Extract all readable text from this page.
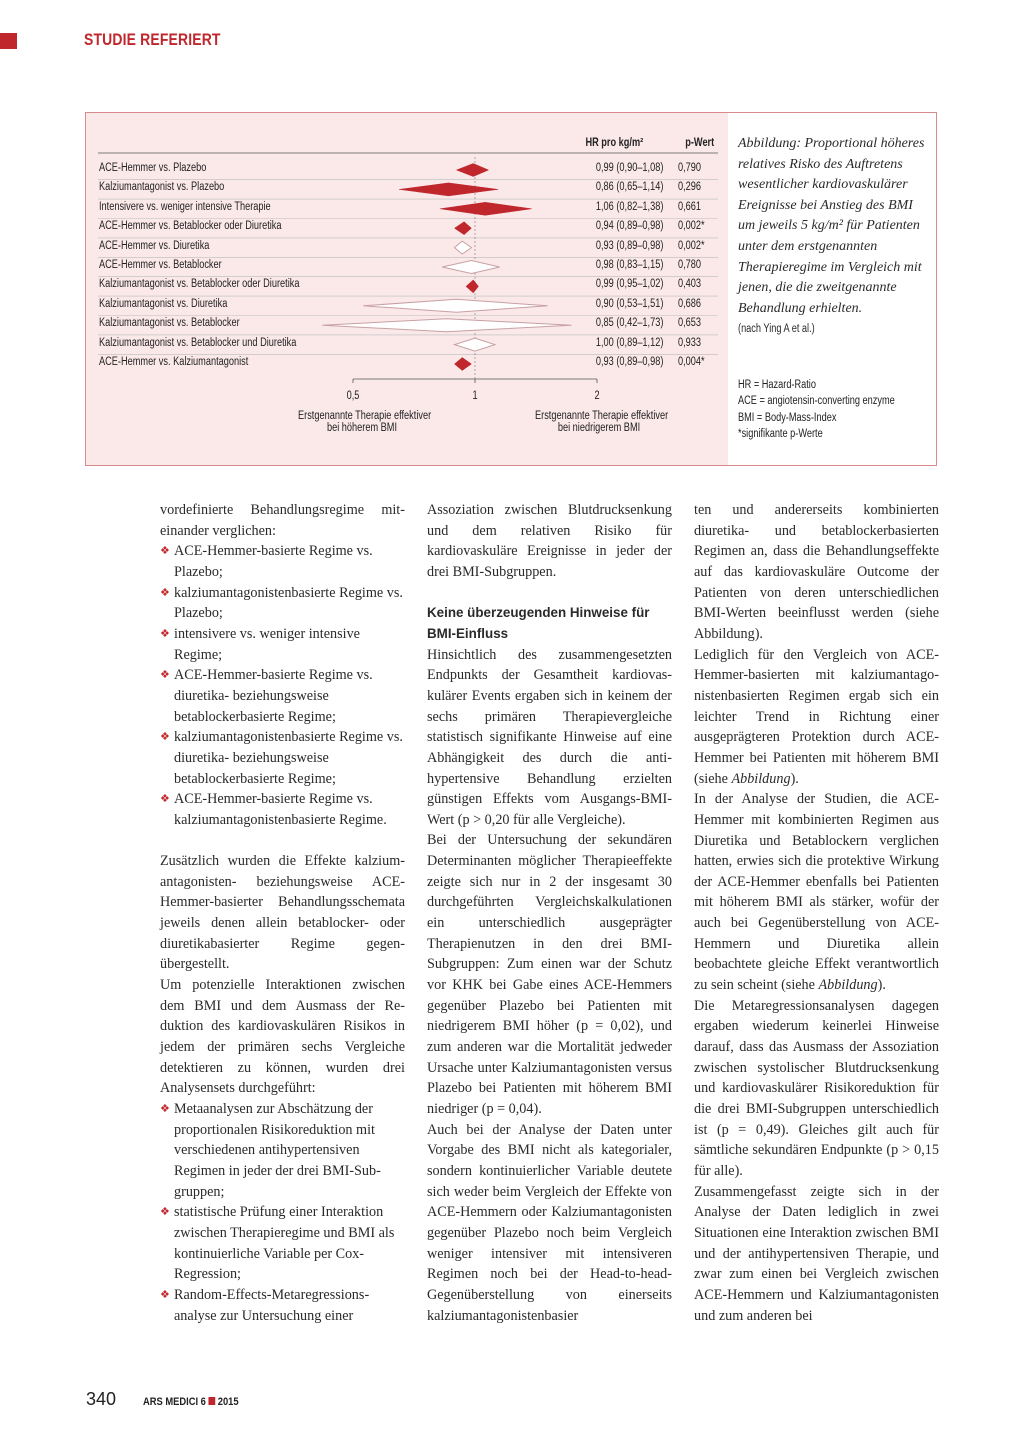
STUDIE REFERIERT
HR pro kg/m²	p-Wert
0,5	1	2
ACE-Hemmer vs. Plazebo	0,99 (0,90–1,08) 0,790
Kalziumantagonist vs. Plazebo	0,86 (0,65–1,14) 0,296
Intensivere vs. weniger intensive Therapie	1,06 (0,82–1,38) 0,661
ACE-Hemmer vs. Betablocker oder Diuretika	0,94 (0,89–0,98) 0,002*
ACE-Hemmer vs. Diuretika	0,93 (0,89–0,98) 0,002*
ACE-Hemmer vs. Betablocker	0,98 (0,83–1,15) 0,780
Kalziumantagonist vs. Betablocker oder Diuretika	0,99 (0,95–1,02) 0,403
Kalziumantagonist vs. Diuretika	0,90 (0,53–1,51) 0,686
Kalziumantagonist vs. Betablocker	0,85 (0,42–1,73) 0,653
Kalziumantagonist vs. Betablocker und Diuretika	1,00 (0,89–1,12) 0,933
ACE-Hemmer vs. Kalziumantagonist	0,93 (0,89–0,98) 0,004*
Erstgenannte Therapie effektiver
bei höherem BMI
Erstgenannte Therapie effektiver
bei niedrigerem BMI
Abbildung: Proportional höheres relatives Risko des Auftretens wesentlicher kardiovaskulärer Ereignisse bei Anstieg des BMI um jeweils 5 kg/m² für Patienten unter dem erstgenannten Therapieregime im Vergleich mit jenen, die die zweitgenannte Behandlung erhielten.
(nach Ying A et al.)
HR = Hazard-Ratio
ACE = angiotensin-converting enzyme
BMI = Body-Mass-Index
*signifikante p-Werte

vordefinierte Behandlungsregime miteinander verglichen:

❖ ACE-Hemmer-basierte Regime vs. Plazebo;
❖ kalziumantagonistenbasierte Regime vs. Plazebo;
❖ intensivere vs. weniger intensive Regime;
❖ ACE-Hemmer-basierte Regime vs. diuretika- beziehungsweise betablockerbasierte Regime;
❖ kalziumantagonistenbasierte Regime vs. diuretika- beziehungsweise betablockerbasierte Regime;
❖ ACE-Hemmer-basierte Regime vs. kalziumantagonistenbasierte Regime.

Zusätzlich wurden die Effekte kalziumantagonisten- beziehungsweise ACE-Hemmer-basierter Behandlungsschemata jeweils denen allein betablocker- oder diuretikabasierter Regime gegenübergestellt.

Um potenzielle Interaktionen zwischen dem BMI und dem Ausmass der Reduktion des kardiovaskulären Risikos in jedem der primären sechs Vergleiche detektieren zu können, wurden drei Analysensets durchgeführt:

❖ Metaanalysen zur Abschätzung der proportionalen Risikoreduktion mit verschiedenen antihypertensiven Regimen in jeder der drei BMI-Subgruppen;
❖ statistische Prüfung einer Interaktion zwischen Therapieregime und BMI als kontinuierliche Variable per Cox-Regression;
❖ Random-Effects-Metaregressionsanalyse zur Untersuchung einer

Assoziation zwischen Blutdrucksenkung und dem relativen Risiko für kardiovaskuläre Ereignisse in jeder der drei BMI-Subgruppen.

Keine überzeugenden Hinweise für BMI-Einfluss

Hinsichtlich des zusammengesetzten Endpunkts der Gesamtheit kardiovaskulärer Events ergaben sich in keinem der sechs primären Therapievergleiche statistisch signifikante Hinweise auf eine Abhängigkeit des durch die antihypertensive Behandlung erzielten günstigen Effekts vom Ausgangs-BMI-Wert (p > 0,20 für alle Vergleiche).

Bei der Untersuchung der sekundären Determinanten möglicher Therapieeffekte zeigte sich nur in 2 der insgesamt 30 durchgeführten Vergleichskalkulationen ein unterschiedlich ausgeprägter Therapienutzen in den drei BMI-Subgruppen: Zum einen war der Schutz vor KHK bei Gabe eines ACE-Hemmers gegenüber Plazebo bei Patienten mit niedrigerem BMI höher (p = 0,02), und zum anderen war die Mortalität jedweder Ursache unter Kalziumantagonisten versus Plazebo bei Patienten mit höherem BMI niedriger (p = 0,04).

Auch bei der Analyse der Daten unter Vorgabe des BMI nicht als kategorialer, sondern kontinuierlicher Variable deutete sich weder beim Vergleich der Effekte von ACE-Hemmern oder Kalziumantagonisten gegenüber Plazebo noch beim Vergleich weniger intensiver mit intensiveren Regimen noch bei der Head-to-head-Gegenüberstellung von einerseits kalziumantagonistenbasier

ten und andererseits kombinierten diuretika- und betablockerbasierten Regimen an, dass die Behandlungseffekte auf das kardiovaskuläre Outcome der Patienten von deren unterschiedlichen BMI-Werten beeinflusst werden (siehe Abbildung).

Lediglich für den Vergleich von ACE-Hemmer-basierten mit kalziumantagonistenbasierten Regimen ergab sich ein leichter Trend in Richtung einer ausgeprägteren Protektion durch ACE-Hemmer bei Patienten mit höherem BMI (siehe Abbildung).

In der Analyse der Studien, die ACE-Hemmer mit kombinierten Regimen aus Diuretika und Betablockern verglichen hatten, erwies sich die protektive Wirkung der ACE-Hemmer ebenfalls bei Patienten mit höherem BMI als stärker, wofür der auch bei Gegenüberstellung von ACE-Hemmern und Diuretika allein beobachtete gleiche Effekt verantwortlich zu sein scheint (siehe Abbildung).

Die Metaregressionsanalysen dagegen ergaben wiederum keinerlei Hinweise darauf, dass das Ausmass der Assoziation zwischen systolischer Blutdrucksenkung und kardiovaskulärer Risikoreduktion für die drei BMI-Subgruppen unterschiedlich ist (p = 0,49). Gleiches gilt auch für sämtliche sekundären Endpunkte (p > 0,15 für alle).

Zusammengefasst zeigte sich in der Analyse der Daten lediglich in zwei Situationen eine Interaktion zwischen BMI und der antihypertensiven Therapie, und zwar zum einen bei Vergleich zwischen ACE-Hemmern und Kalziumantagonisten und zum anderen bei

340 ARS MEDICI 6 2015
